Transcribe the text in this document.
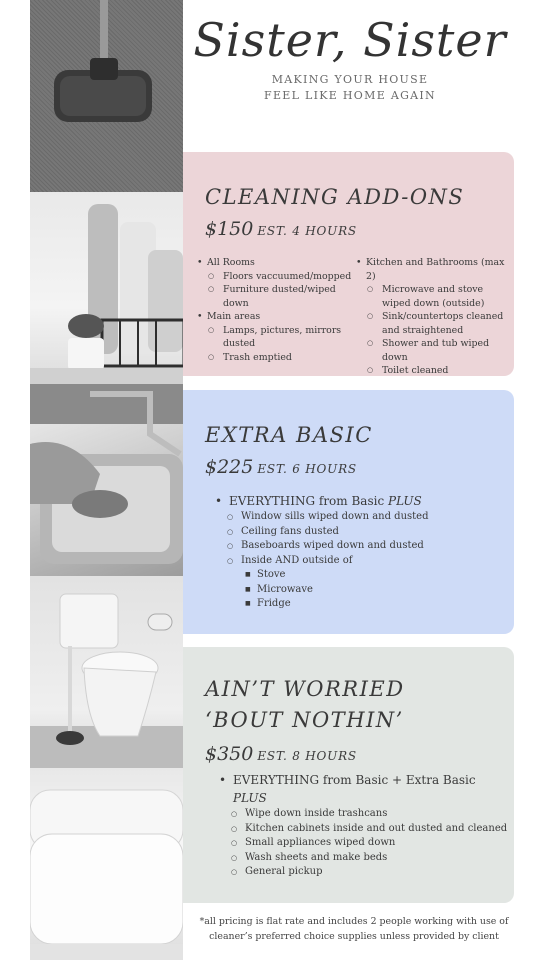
Sister, Sister
MAKING YOUR HOUSE
FEEL LIKE HOME AGAIN
CLEANING ADD-ONS
$150 EST. 4 HOURS
• All Rooms
○ Floors vaccuumed/mopped
○ Furniture dusted/wiped down
• Main areas
○ Lamps, pictures, mirrors dusted
○ Trash emptied
• Kitchen and Bathrooms (max 2)
○ Microwave and stove wiped down (outside)
○ Sink/countertops cleaned and straightened
○ Shower and tub wiped down
○ Toilet cleaned
EXTRA BASIC
$225 EST. 6 HOURS
• EVERYTHING from Basic PLUS
○ Window sills wiped down and dusted
○ Ceiling fans dusted
○ Baseboards wiped down and dusted
○ Inside AND outside of
■ Stove
■ Microwave
■ Fridge
AIN’T WORRIED
‘BOUT NOTHIN’
$350 EST. 8 HOURS
• EVERYTHING from Basic + Extra Basic
PLUS
○ Wipe down inside trashcans
○ Kitchen cabinets inside and out dusted and cleaned
○ Small appliances wiped down
○ Wash sheets and make beds
○ General pickup
*all pricing is flat rate and includes 2 people working with use of
cleaner’s preferred choice supplies unless provided by client
